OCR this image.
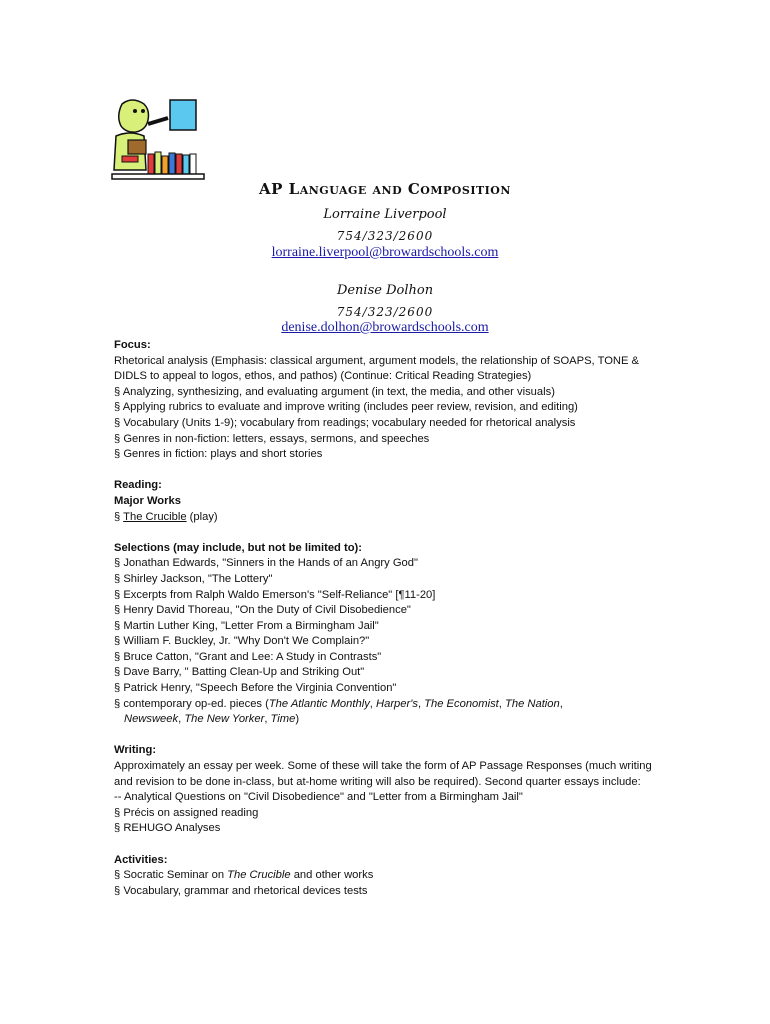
AP Language and Composition
Lorraine Liverpool
754/323/2600
lorraine.liverpool@browardschools.com
Denise Dolhon
754/323/2600
denise.dolhon@browardschools.com

Focus:

Rhetorical analysis (Emphasis: classical argument, argument models, the relationship of SOAPS, TONE & DIDLS to appeal to logos, ethos, and pathos) (Continue: Critical Reading Strategies)

§ Analyzing, synthesizing, and evaluating argument (in text, the media, and other visuals)

§ Applying rubrics to evaluate and improve writing (includes peer review, revision, and editing)

§ Vocabulary (Units 1-9); vocabulary from readings; vocabulary needed for rhetorical analysis

§ Genres in non-fiction: letters, essays, sermons, and speeches

§ Genres in fiction: plays and short stories

Reading:

Major Works

§ The Crucible (play)

Selections (may include, but not be limited to):

§ Jonathan Edwards, "Sinners in the Hands of an Angry God"

§ Shirley Jackson, "The Lottery"

§ Excerpts from Ralph Waldo Emerson's "Self-Reliance" [¶11-20]

§ Henry David Thoreau, "On the Duty of Civil Disobedience"

§ Martin Luther King, "Letter From a Birmingham Jail"

§ William F. Buckley, Jr. "Why Don't We Complain?"

§ Bruce Catton, "Grant and Lee: A Study in Contrasts"

§ Dave Barry, " Batting Clean-Up and Striking Out"

§ Patrick Henry, "Speech Before the Virginia Convention"

§ contemporary op-ed. pieces (The Atlantic Monthly, Harper's, The Economist, The Nation,
Newsweek, The New Yorker, Time)

Writing:

Approximately an essay per week. Some of these will take the form of AP Passage Responses (much writing and revision to be done in-class, but at-home writing will also be required). Second quarter essays include:

-- Analytical Questions on "Civil Disobedience" and "Letter from a Birmingham Jail"

§ Précis on assigned reading

§ REHUGO Analyses

Activities:

§ Socratic Seminar on The Crucible and other works

§ Vocabulary, grammar and rhetorical devices tests
